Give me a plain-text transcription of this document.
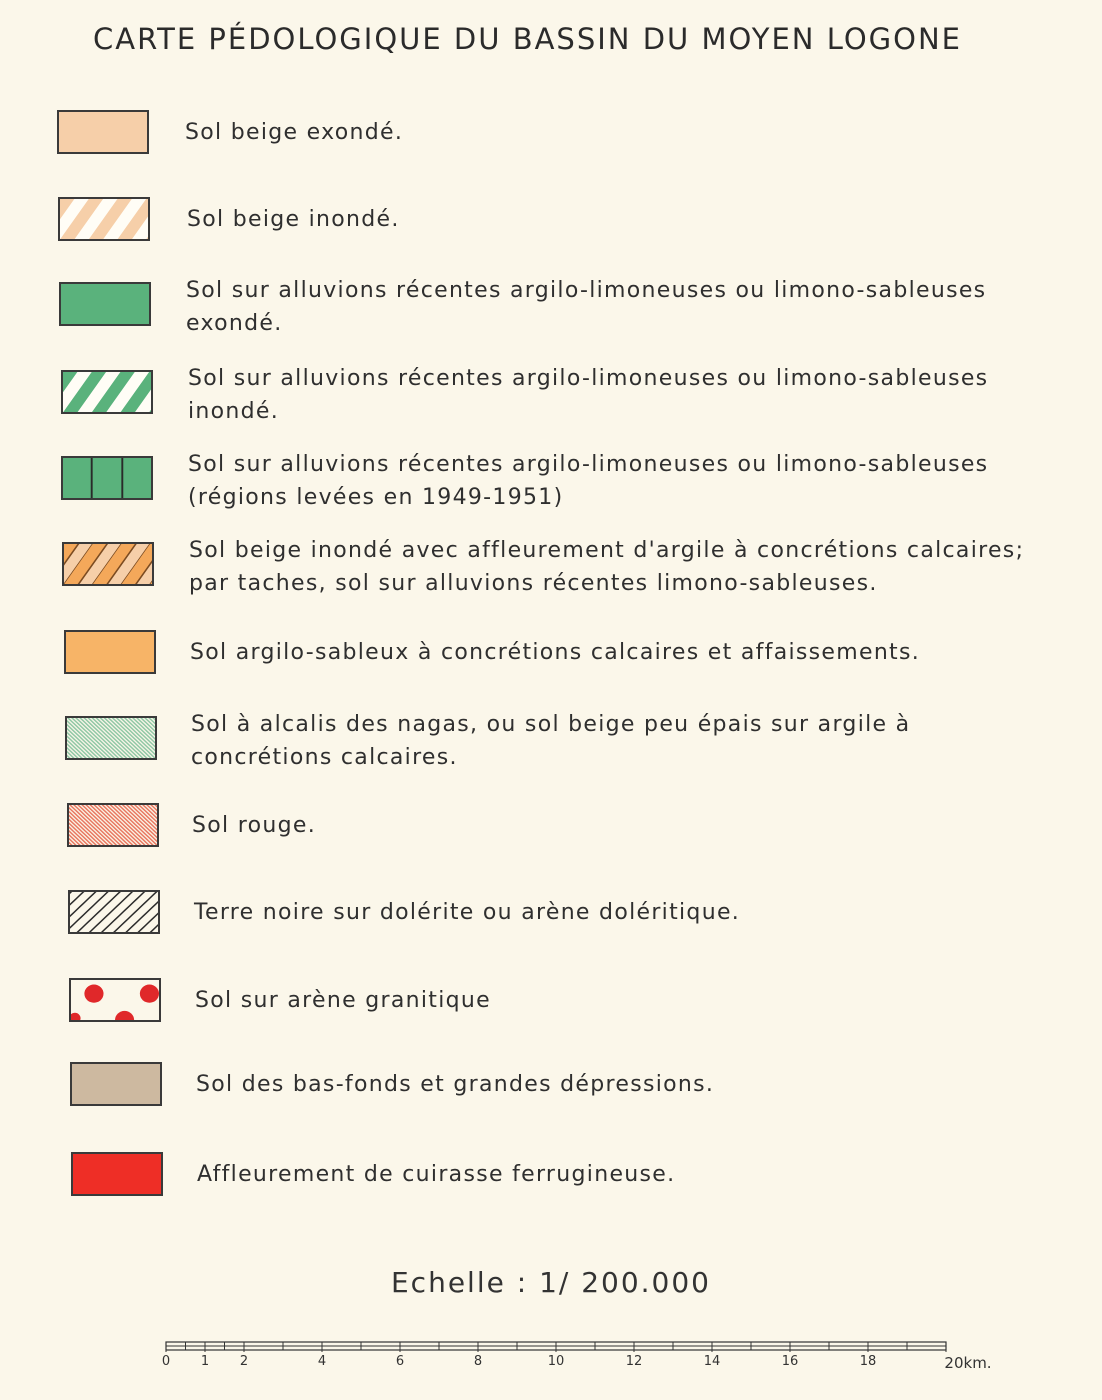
CARTE PÉDOLOGIQUE DU BASSIN DU MOYEN LOGONE
Sol beige exondé.
Sol beige inondé.
Sol sur alluvions récentes argilo-limoneuses ou limono-sableuses
exondé.
Sol sur alluvions récentes argilo-limoneuses ou limono-sableuses
inondé.
Sol sur alluvions récentes argilo-limoneuses ou limono-sableuses
(régions levées en 1949-1951)
Sol beige inondé avec affleurement d'argile à concrétions calcaires;
par taches, sol sur alluvions récentes limono-sableuses.
Sol argilo-sableux à concrétions calcaires et affaissements.
Sol à alcalis des nagas, ou sol beige peu épais sur argile à
concrétions calcaires.
Sol rouge.
Terre noire sur dolérite ou arène doléritique.
Sol sur arène granitique
Sol des bas-fonds et grandes dépressions.
Affleurement de cuirasse ferrugineuse.
Echelle : 1/ 200.000
0 1 2	4	6	8	10	12	14	16	18	20km.
